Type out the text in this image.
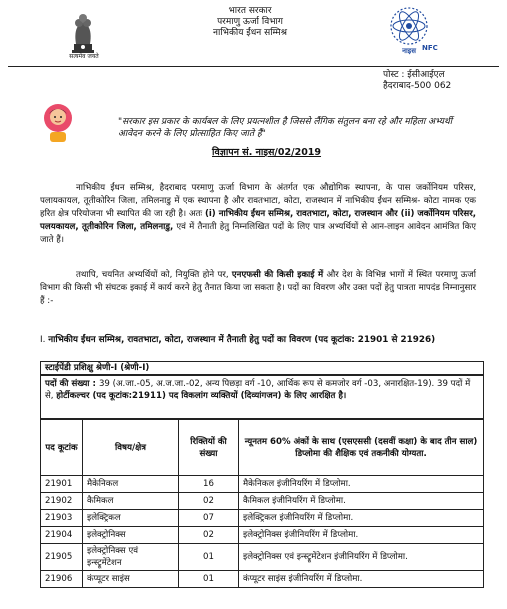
सत्यमेव जयते
भारत सरकार
परमाणु ऊर्जा विभाग
नाभिकीय ईंधन सम्मिश्र
नाइस NFC
पोस्ट : ईसीआईएल
हैदराबाद-500 062
"सरकार इस प्रकार के कार्यबल के लिए प्रयत्नशील है जिससे लैंगिक संतुलन बना रहे और महिला अभ्यर्थी आवेदन करने के लिए प्रोत्साहित किए जाते हैं"
विज्ञापन सं. नाइस/02/2019
नाभिकीय ईंधन सम्मिश्र, हैदराबाद परमाणु ऊर्जा विभाग के अंतर्गत एक औद्योगिक स्थापना, के पास जर्कोनियम परिसर, पलायकायल, तूतीकोरिन जिला, तमिलनाडु में एक स्थापना है और रावतभाटा, कोटा, राजस्थान में नाभिकीय ईंधन सम्मिश्र- कोटा नामक एक हरित क्षेत्र परियोजना भी स्थापित की जा रही है। अतः (i) नाभिकीय ईंधन सम्मिश्र, रावतभाटा, कोटा, राजस्थान और (ii) जर्कोनियम परिसर, पलयकायल, तूतीकोरिन जिला, तमिलनाडु, एवं में तैनाती हेतु निम्नलिखित पदों के लिए पात्र अभ्यर्थियों से आन-लाइन आवेदन आमंत्रित किए जाते हैं।
तथापि, चयनित अभ्यर्थियों को, नियुक्ति होने पर, एनएफसी की किसी इकाई में और देश के विभिन्न भागों में स्थित परमाणु ऊर्जा विभाग की किसी भी संघटक इकाई में कार्य करने हेतु तैनात किया जा सकता है। पदों का विवरण और उक्त पदों हेतु पात्रता मापदंड निम्नानुसार हैं :-
I. नाभिकीय ईंधन सम्मिश्र, रावतभाटा, कोटा, राजस्थान में तैनाती हेतु पदों का विवरण (पद कूटांक: 21901 से 21926)
स्टाईपेंडी प्रशिक्षु श्रेणी-I (श्रेणी-I)
पदों की संख्या : 39 (अ.जा.-05, अ.ज.जा.-02, अन्य पिछड़ा वर्ग -10, आर्थिक रूप से कमजोर वर्ग -03, अनारक्षित-19). 39 पदों में से, होर्टीकल्चर (पद कूटांक:21911) पद विकलांग व्यक्तियों (दिव्यांगजन) के लिए आरक्षित है।
पद कूटांक	विषय/क्षेत्र	रिक्तियों की संख्या	न्यूनतम 60% अंकों के साथ (एसएससी (दसवीं कक्षा) के बाद तीन साल) डिप्लोमा की शैक्षिक एवं तकनीकी योग्यता.
21901	मैकेनिकल	16	मैकेनिकल इंजीनियरिंग में डिप्लोमा.
21902	कैमिकल	02	कैमिकल इंजीनियरिंग में डिप्लोमा.
21903	इलेक्ट्रिकल	07	इलेक्ट्रिकल इंजीनियरिंग में डिप्लोमा.
21904	इलेक्ट्रोनिक्स	02	इलेक्ट्रोनिक्स इंजीनियरिंग में डिप्लोमा.
21905	इलेक्ट्रोनिक्स एवं इन्स्ट्रूमेंटेशन	01	इलेक्ट्रोनिक्स एवं इन्स्ट्रूमेंटेशन इंजीनियरिंग में डिप्लोमा.
21906	कंप्यूटर साइंस	01	कंप्यूटर साइंस इंजीनियरिंग में डिप्लोमा.
